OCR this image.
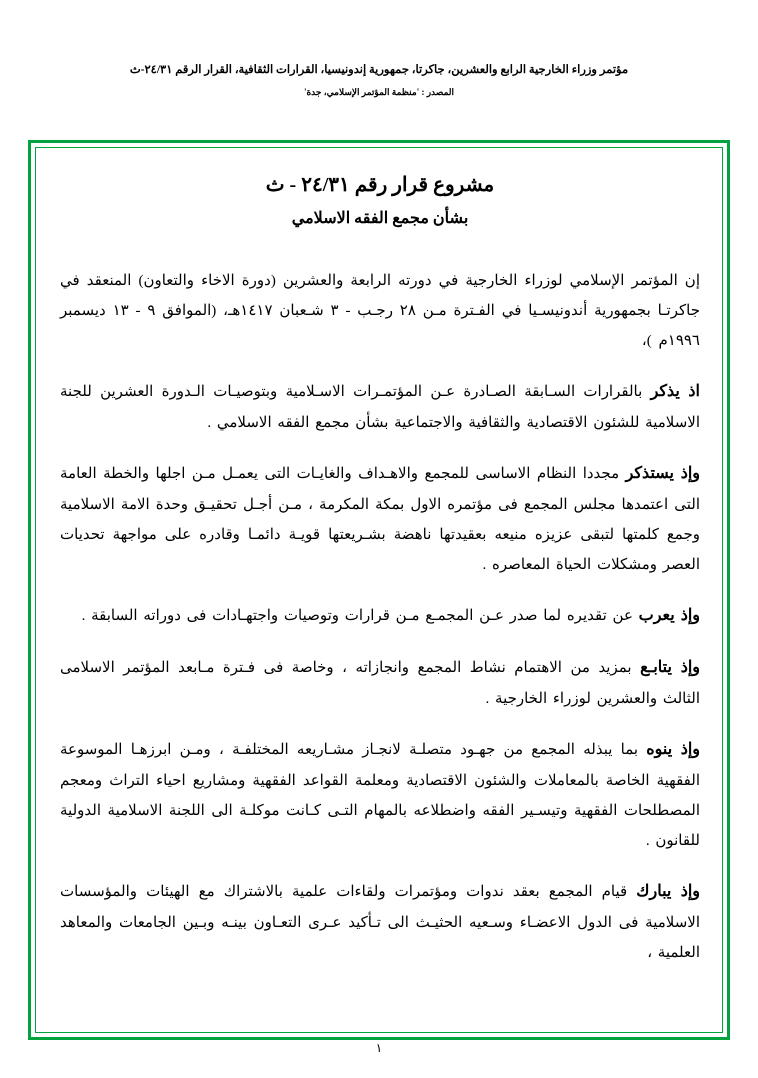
مؤتمر وزراء الخارجية الرابع والعشرين، جاكرتا، جمهورية إندونيسيا، القرارات الثقافية، القرار الرقم ٢٤/٣١-ث
المصدر : 'منظمة المؤتمر الإسلامي، جدة'
مشروع قرار رقم ٢٤/٣١ - ث
بشأن مجمع الفقه الاسلامي

إن المؤتمر الإسلامي لوزراء الخارجية في دورته الرابعة والعشرين (دورة الاخاء والتعاون) المنعقد في جاكرتـا بجمهورية أندونيسـيا في الفـترة مـن ٢٨ رجـب - ٣ شـعبان ١٤١٧هـ، (الموافق ٩ - ١٣ ديسمبر ١٩٩٦م )،

اذ يذكر بالقرارات السـابقة الصـادرة عـن المؤتمـرات الاسـلامية وبتوصيـات الـدورة العشرين للجنة الاسلامية للشئون الاقتصادية والثقافية والاجتماعية بشأن مجمع الفقه الاسلامي .

وإذ يستذكر مجددا النظام الاساسى للمجمع والاهـداف والغايـات التى يعمـل مـن اجلها والخطة العامة التى اعتمدها مجلس المجمع فى مؤتمره الاول بمكة المكرمة ، مـن أجـل تحقيـق وحدة الامة الاسلامية وجمع كلمتها لتبقى عزيزه منيعه بعقيدتها ناهضة بشـريعتها قويـة دائمـا وقادره على مواجهة تحديات العصر ومشكلات الحياة المعاصره .

وإذ يعرب عن تقديره لما صدر عـن المجمـع مـن قرارات وتوصيات واجتهـادات فى دوراته السابقة .

وإذ يتابـع بمزيد من الاهتمام نشاط المجمع وانجازاته ، وخاصة فى فـترة مـابعد المؤتمر الاسلامى الثالث والعشرين لوزراء الخارجية .

وإذ ينوه بما يبذله المجمع من جهـود متصلـة لانجـاز مشـاريعه المختلفـة ، ومـن ابرزهـا الموسوعة الفقهية الخاصة بالمعاملات والشئون الاقتصادية ومعلمة القواعد الفقهية ومشاريع احياء التراث ومعجم المصطلحات الفقهية وتيسـير الفقه واضطلاعه بالمهام التـى كـانت موكلـة الى اللجنة الاسلامية الدولية للقانون .

وإذ يبارك قيام المجمع بعقد ندوات ومؤتمرات ولقاءات علمية بالاشتراك مع الهيئات والمؤسسات الاسلامية فى الدول الاعضـاء وسـعيه الحثيـث الى تـأكيد عـرى التعـاون بينـه وبـين الجامعات والمعاهد العلمية ،

١
